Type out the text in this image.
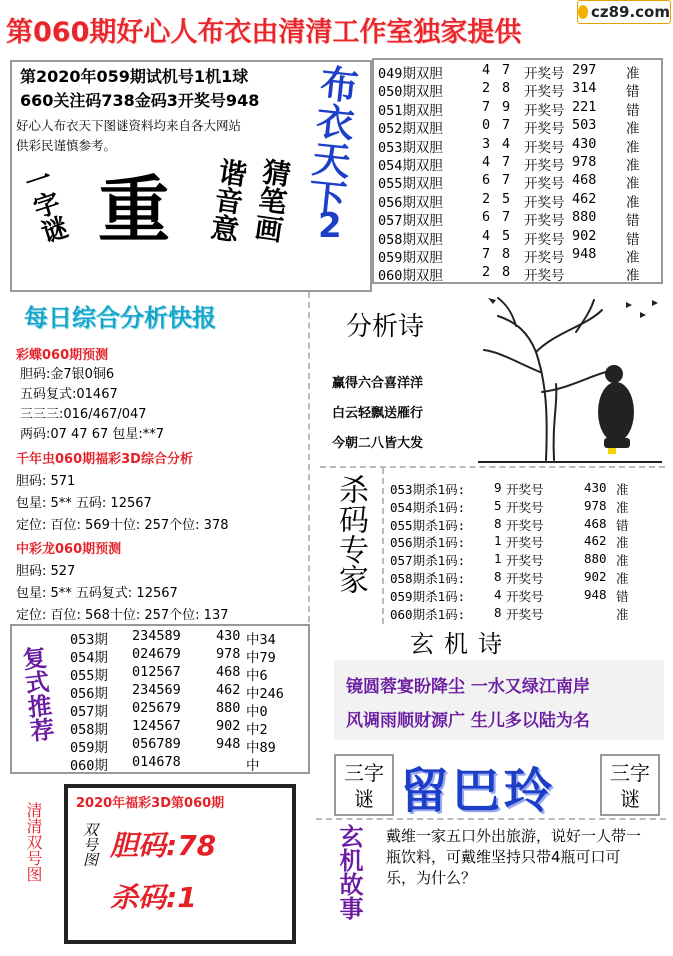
第060期好心人布衣由清清工作室独家提供
cz89.com
第2020年059期试机号1机1球
660关注码738金码3开奖号948
好心人布衣天下图谜资料均来自各大网站
供彩民谨慎参考。
一字谜 重	猜笔画
谐音意 布衣天下
2
049期双胆	4 7 开奖号 297 准
050期双胆	2 8 开奖号 314 错
051期双胆	7 9 开奖号 221 错
052期双胆	0 7 开奖号 503 准
053期双胆	3 4 开奖号 430 准
054期双胆	4 7 开奖号 978 准
055期双胆	6 7 开奖号 468 准
056期双胆	2 5 开奖号 462 准
057期双胆	6 7 开奖号 880 错
058期双胆	4 5 开奖号 902 错
059期双胆	7 8 开奖号 948 准
060期双胆	2 8 开奖号	准
每日综合分析快报
彩蝶060期预测
胆码:金7银0铜6
五码复式:01467
三三三:016/467/047
两码:07 47 67 包星:**7
千年虫060期福彩3D综合分析
胆码: 571
包星: 5** 五码: 12567
定位: 百位: 569十位: 257个位: 378
中彩龙060期预测
胆码: 527
包星: 5** 五码复式: 12567
定位: 百位: 568十位: 257个位: 137
分析诗
赢得六合喜洋洋
白云轻飘送雁行
今朝二八皆大发
杀码专家 053期杀1码: 9 开奖号	430 准
054期杀1码: 5 开奖号	978 准
055期杀1码: 8 开奖号	468 错
056期杀1码: 1 开奖号	462 准
057期杀1码: 1 开奖号	880 准
058期杀1码: 8 开奖号	902 准
059期杀1码: 4 开奖号	948 错
060期杀1码: 8 开奖号	准
复式推荐
053期 234589	430 中34
054期 024679	978 中79
055期 012567	468 中6
056期 234569	462 中246
057期 025679	880 中0
058期 124567	902 中2
059期 056789	948 中89
060期 014678	中
玄机诗
镜圆蓉宴盼降尘 一水又绿江南岸
风调雨顺财源广 生儿多以陆为名
三字谜 留巴玲	三字谜
清清双号图	2020年福彩3D第060期
双号图 胆码:78
杀码:1	玄机故事 戴维一家五口外出旅游，说好一人带一瓶饮料，可戴维坚持只带4瓶可口可乐，为什么？
